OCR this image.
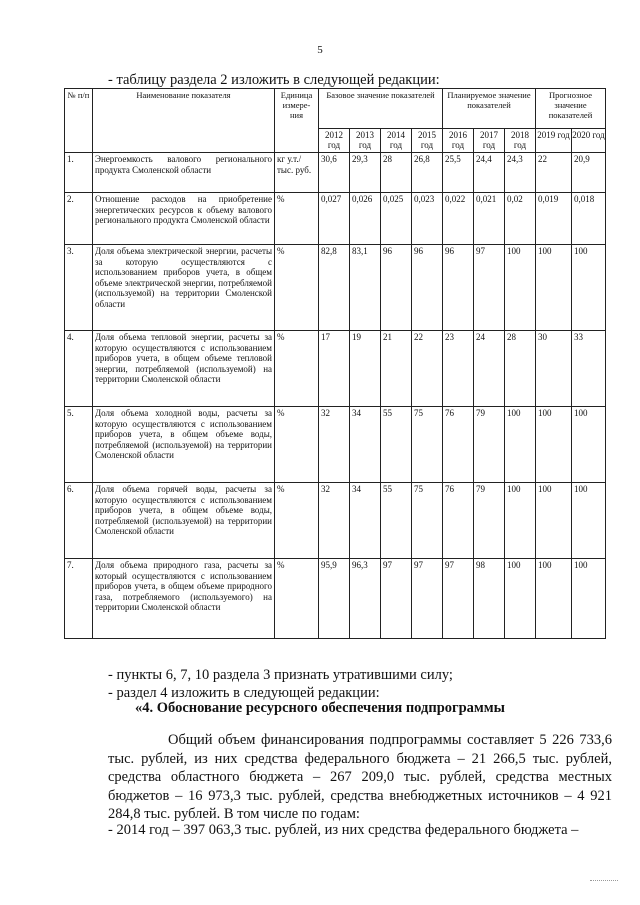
5
- таблицу раздела 2 изложить в следующей редакции:
№ п/п	Наименование показателя	Единица измере-ния	Базовое значение показателей				Планируемое значение показателей			Прогнозное значение показателей	
			2012 год	2013 год	2014 год	2015 год	2016 год	2017 год	2018 год	2019 год	2020 год
1.	Энергоемкость валового регионального продукта Смоленской области	кг у.т./тыс. руб.	30,6	29,3	28	26,8	25,5	24,4	24,3	22	20,9
2.	Отношение расходов на приобретение энергетических ресурсов к объему валового регионального продукта Смоленской области	%	0,027	0,026	0,025	0,023	0,022	0,021	0,02	0,019	0,018
3.	Доля объема электрической энергии, расчеты за которую осуществляются с использованием приборов учета, в общем объеме электрической энергии, потребляемой (используемой) на территории Смоленской области	%	82,8	83,1	96	96	96	97	100	100	100
4.	Доля объема тепловой энергии, расчеты за которую осуществляются с использованием приборов учета, в общем объеме тепловой энергии, потребляемой (используемой) на территории Смоленской области	%	17	19	21	22	23	24	28	30	33
5.	Доля объема холодной воды, расчеты за которую осуществляются с использованием приборов учета, в общем объеме воды, потребляемой (используемой) на территории Смоленской области	%	32	34	55	75	76	79	100	100	100
6.	Доля объема горячей воды, расчеты за которую осуществляются с использованием приборов учета, в общем объеме воды, потребляемой (используемой) на территории Смоленской области	%	32	34	55	75	76	79	100	100	100
7.	Доля объема природного газа, расчеты за который осуществляются с использованием приборов учета, в общем объеме природного газа, потребляемого (используемого) на территории Смоленской области	%	95,9	96,3	97	97	97	98	100	100	100
- пункты 6, 7, 10 раздела 3 признать утратившими силу;
- раздел 4 изложить в следующей редакции:
«4. Обоснование ресурсного обеспечения подпрограммы
Общий объем финансирования подпрограммы составляет 5 226 733,6 тыс. рублей, из них средства федерального бюджета – 21 266,5 тыс. рублей, средства областного бюджета – 267 209,0 тыс. рублей, средства местных бюджетов – 16 973,3 тыс. рублей, средства внебюджетных источников – 4 921 284,8 тыс. рублей. В том числе по годам:
- 2014 год – 397 063,3 тыс. рублей, из них средства федерального бюджета –
